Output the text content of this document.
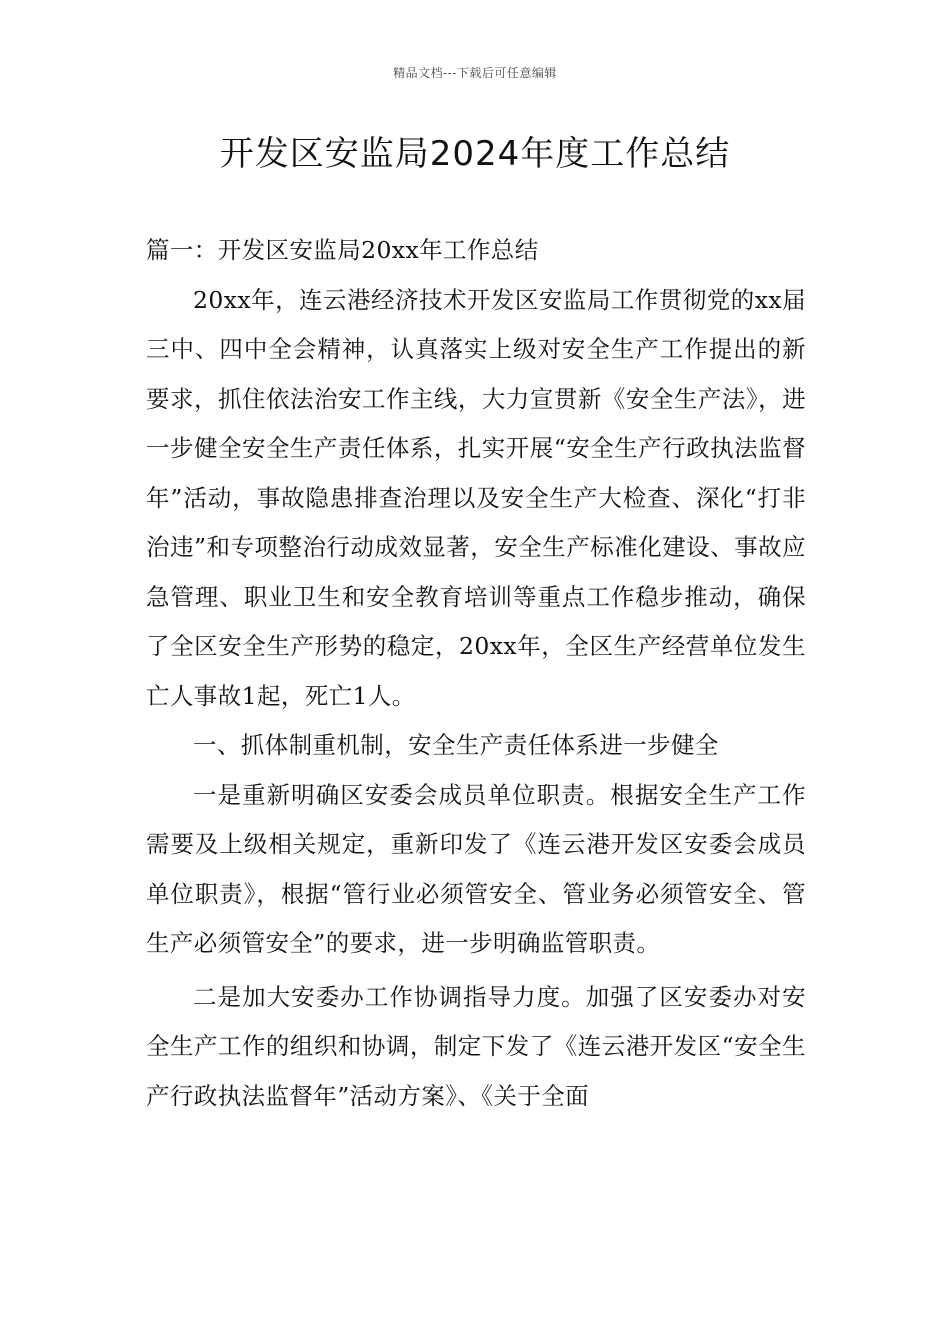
精品文档---下载后可任意编辑
开发区安监局2024年度工作总结

篇一：开发区安监局20xx年工作总结

20xx年，连云港经济技术开发区安监局工作贯彻党的xx届三中、四中全会精神，认真落实上级对安全生产工作提出的新要求，抓住依法治安工作主线，大力宣贯新《安全生产法》，进一步健全安全生产责任体系，扎实开展“安全生产行政执法监督年”活动，事故隐患排查治理以及安全生产大检查、深化“打非治违”和专项整治行动成效显著，安全生产标准化建设、事故应急管理、职业卫生和安全教育培训等重点工作稳步推动，确保了全区安全生产形势的稳定，20xx年，全区生产经营单位发生亡人事故1起，死亡1人。

一、抓体制重机制，安全生产责任体系进一步健全

一是重新明确区安委会成员单位职责。根据安全生产工作需要及上级相关规定，重新印发了《连云港开发区安委会成员单位职责》，根据“管行业必须管安全、管业务必须管安全、管生产必须管安全”的要求，进一步明确监管职责。

二是加大安委办工作协调指导力度。加强了区安委办对安全生产工作的组织和协调，制定下发了《连云港开发区“安全生产行政执法监督年”活动方案》、《关于全面
